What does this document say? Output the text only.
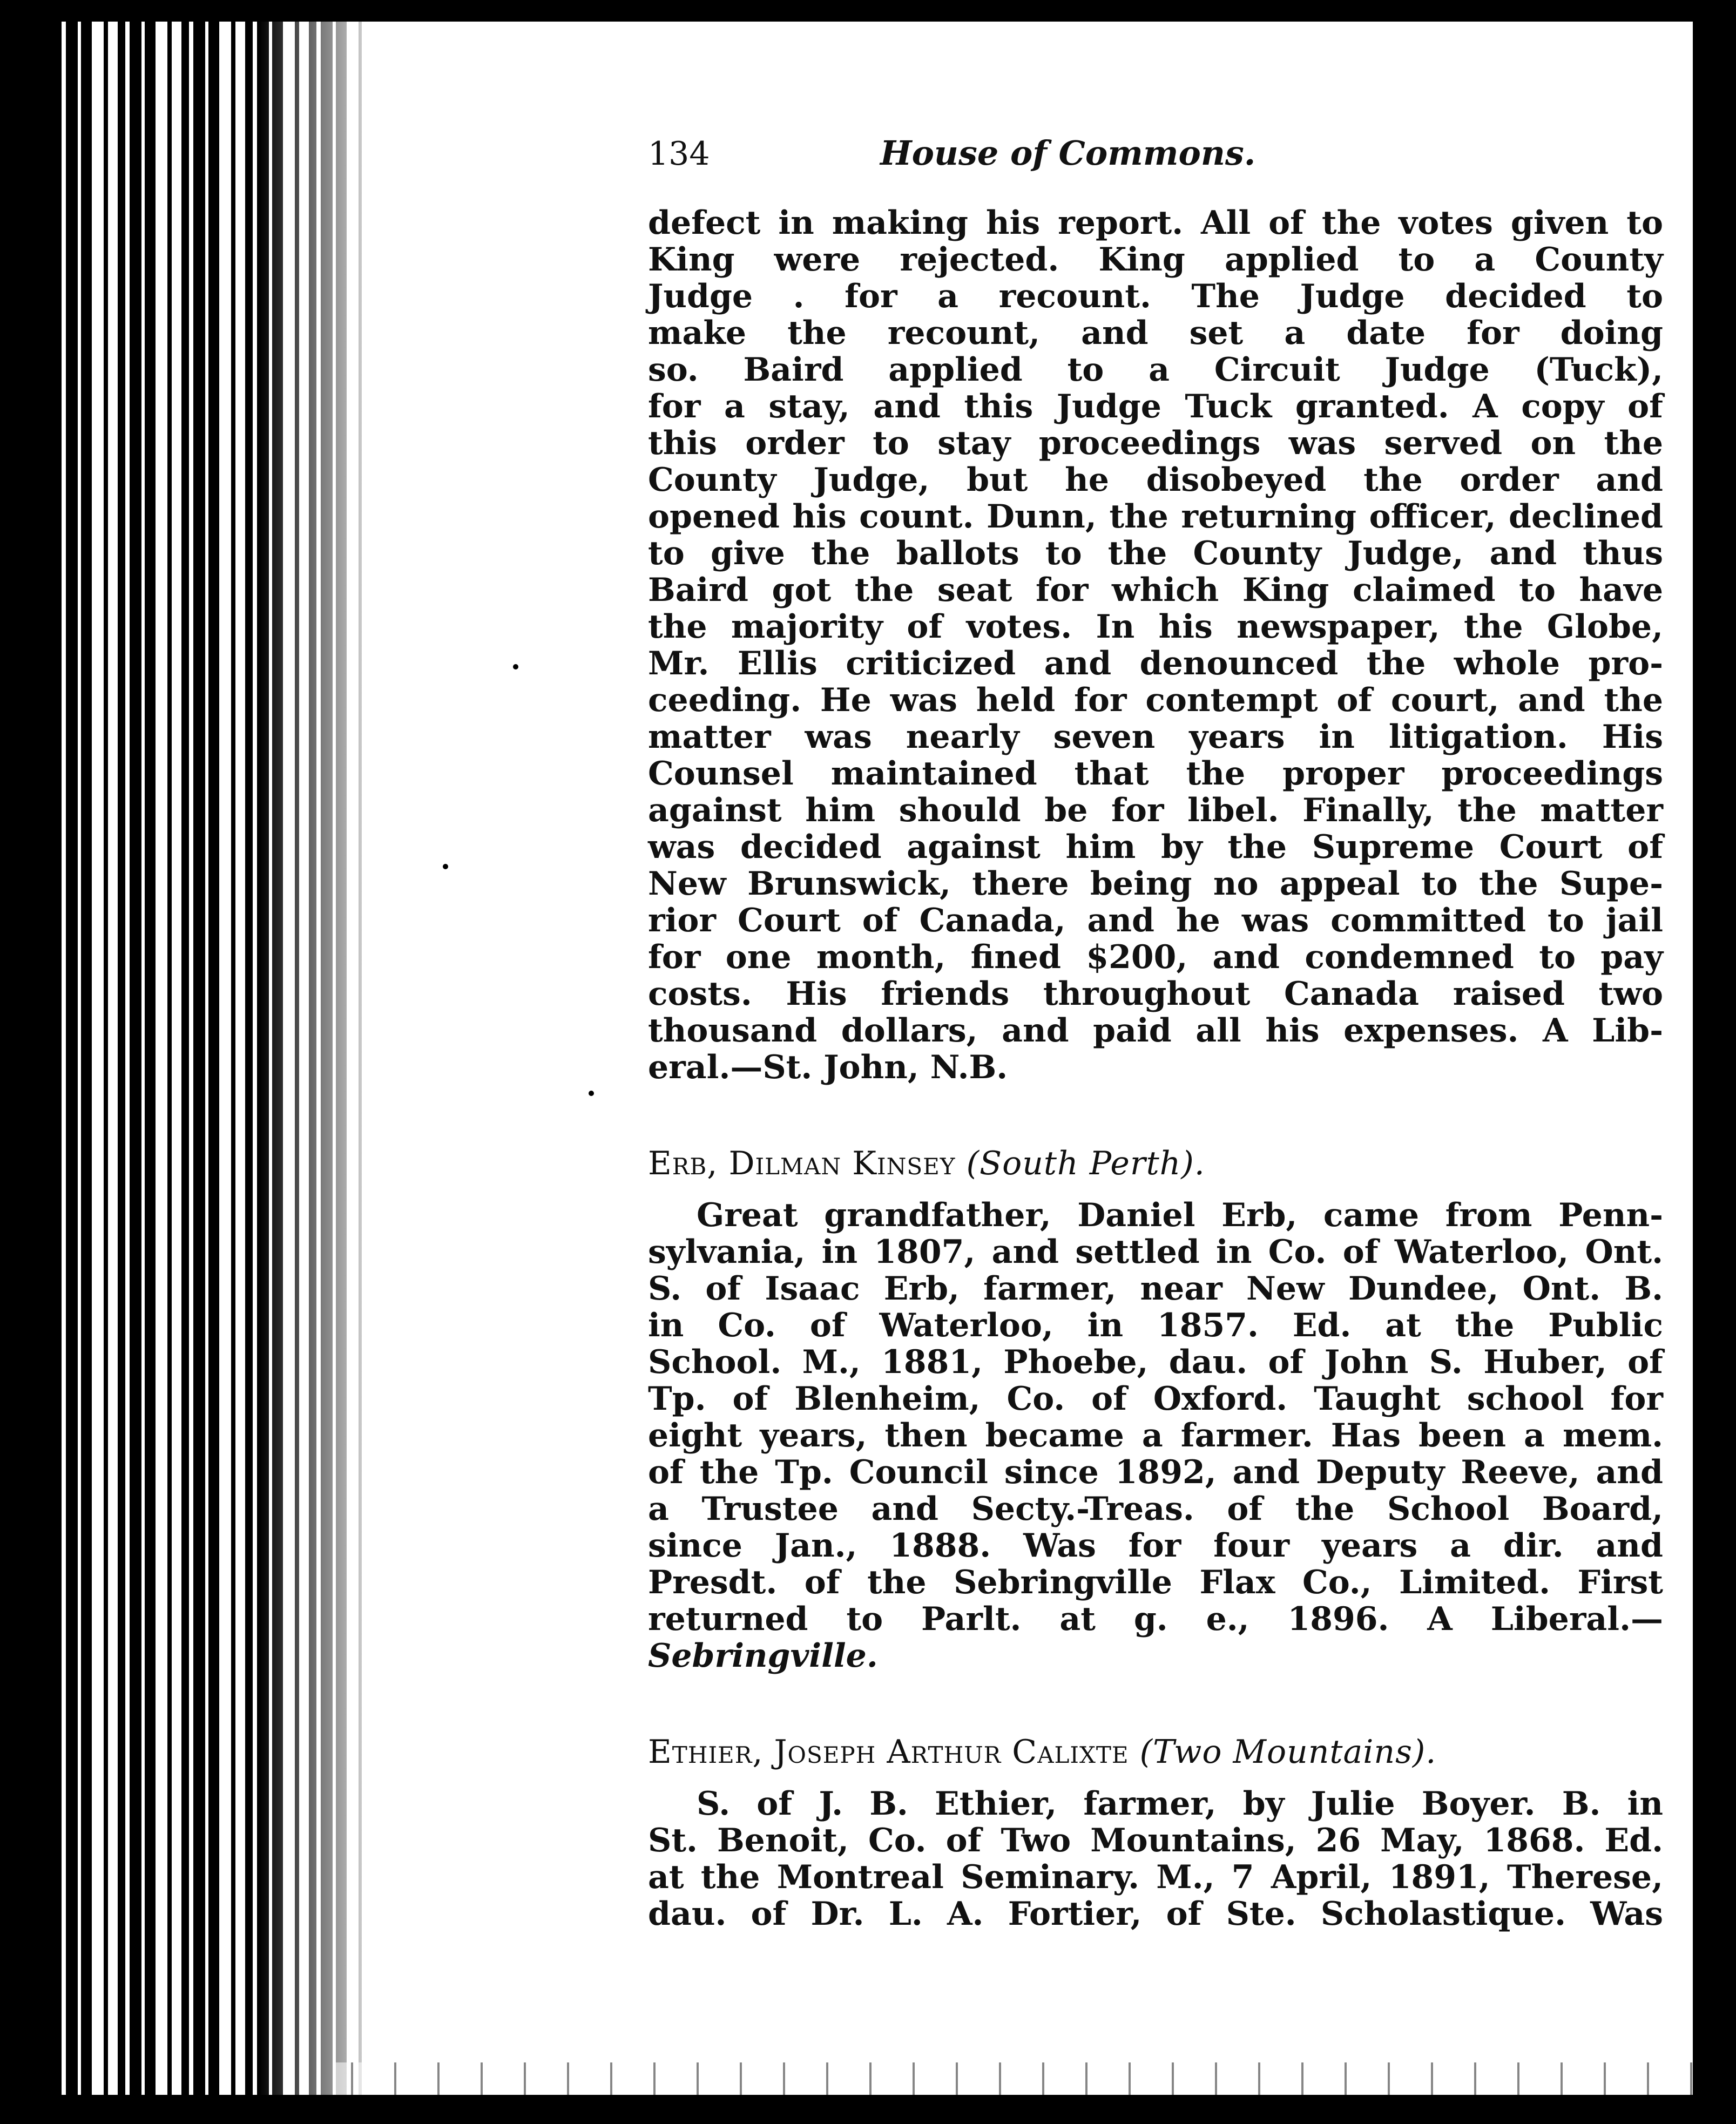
134	House of Commons.
defect in making his report. All of the votes given to
King were rejected. King applied to a County
Judge . for a recount. The Judge decided to
make the recount, and set a date for doing
so. Baird applied to a Circuit Judge (Tuck),
for a stay, and this Judge Tuck granted. A copy of
this order to stay proceedings was served on the
County Judge, but he disobeyed the order and
opened his count. Dunn, the returning officer, declined
to give the ballots to the County Judge, and thus
Baird got the seat for which King claimed to have
the majority of votes. In his newspaper, the Globe,
Mr. Ellis criticized and denounced the whole pro-
ceeding. He was held for contempt of court, and the
matter was nearly seven years in litigation. His
Counsel maintained that the proper proceedings
against him should be for libel. Finally, the matter
was decided against him by the Supreme Court of
New Brunswick, there being no appeal to the Supe-
rior Court of Canada, and he was committed to jail
for one month, fined $200, and condemned to pay
costs. His friends throughout Canada raised two
thousand dollars, and paid all his expenses. A Lib-
eral.—St. John, N.B.
Erb, Dilman Kinsey (South Perth).
Great grandfather, Daniel Erb, came from Penn-
sylvania, in 1807, and settled in Co. of Waterloo, Ont.
S. of Isaac Erb, farmer, near New Dundee, Ont. B.
in Co. of Waterloo, in 1857. Ed. at the Public
School. M., 1881, Phoebe, dau. of John S. Huber, of
Tp. of Blenheim, Co. of Oxford. Taught school for
eight years, then became a farmer. Has been a mem.
of the Tp. Council since 1892, and Deputy Reeve, and
a Trustee and Secty.-Treas. of the School Board,
since Jan., 1888. Was for four years a dir. and
Presdt. of the Sebringville Flax Co., Limited. First
returned to Parlt. at g. e., 1896. A Liberal.—
Sebringville.
Ethier, Joseph Arthur Calixte (Two Mountains).
S. of J. B. Ethier, farmer, by Julie Boyer. B. in
St. Benoit, Co. of Two Mountains, 26 May, 1868. Ed.
at the Montreal Seminary. M., 7 April, 1891, Therese,
dau. of Dr. L. A. Fortier, of Ste. Scholastique. Was
